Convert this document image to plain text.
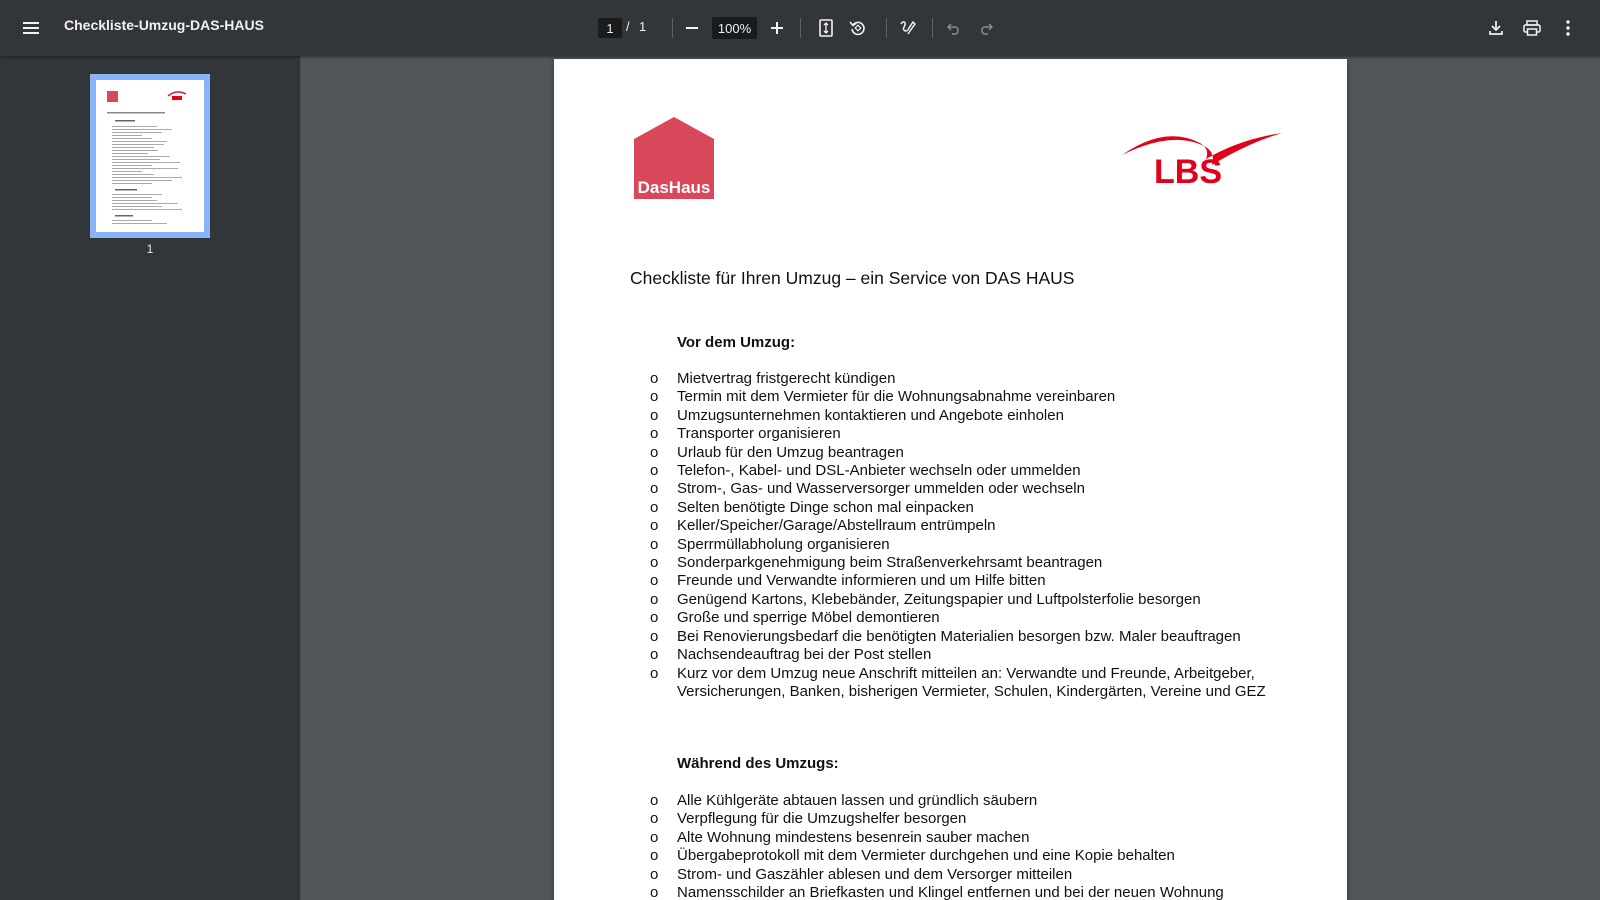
Checkliste-Umzug-DAS-HAUS	1 / 1	100%
1
DasHaus	LBS
Checkliste für Ihren Umzug – ein Service von DAS HAUS
Vor dem Umzug:
o Mietvertrag fristgerecht kündigen
o Termin mit dem Vermieter für die Wohnungsabnahme vereinbaren
o Umzugsunternehmen kontaktieren und Angebote einholen
o Transporter organisieren
o Urlaub für den Umzug beantragen
o Telefon-, Kabel- und DSL-Anbieter wechseln oder ummelden
o Strom-, Gas- und Wasserversorger ummelden oder wechseln
o Selten benötigte Dinge schon mal einpacken
o Keller/Speicher/Garage/Abstellraum entrümpeln
o Sperrmüllabholung organisieren
o Sonderparkgenehmigung beim Straßenverkehrsamt beantragen
o Freunde und Verwandte informieren und um Hilfe bitten
o Genügend Kartons, Klebebänder, Zeitungspapier und Luftpolsterfolie besorgen
o Große und sperrige Möbel demontieren
o Bei Renovierungsbedarf die benötigten Materialien besorgen bzw. Maler beauftragen
o Nachsendeauftrag bei der Post stellen
o Kurz vor dem Umzug neue Anschrift mitteilen an: Verwandte und Freunde, Arbeitgeber, Versicherungen, Banken, bisherigen Vermieter, Schulen, Kindergärten, Vereine und GEZ
Während des Umzugs:
o Alle Kühlgeräte abtauen lassen und gründlich säubern
o Verpflegung für die Umzugshelfer besorgen
o Alte Wohnung mindestens besenrein sauber machen
o Übergabeprotokoll mit dem Vermieter durchgehen und eine Kopie behalten
o Strom- und Gaszähler ablesen und dem Versorger mitteilen
o Namensschilder an Briefkasten und Klingel entfernen und bei der neuen Wohnung
